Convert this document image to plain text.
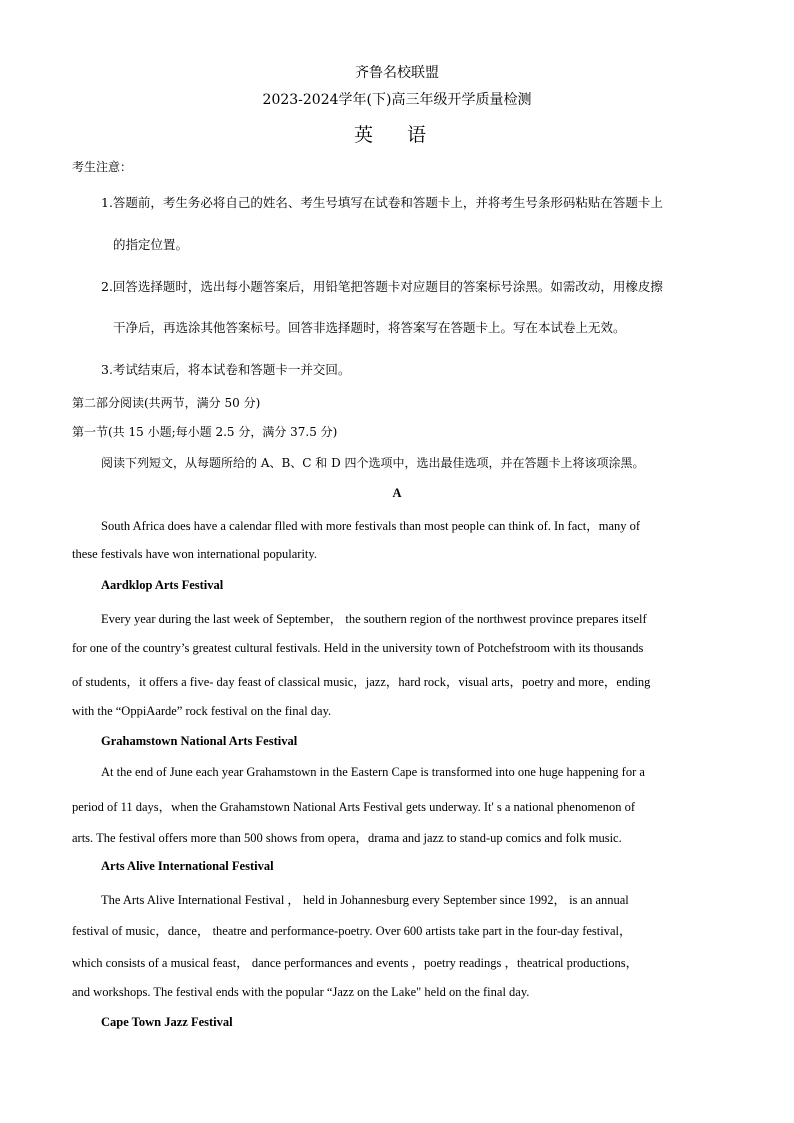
齐鲁名校联盟
2023-2024学年(下)高三年级开学质量检测
英 语
考生注意：
1.答题前，考生务必将自己的姓名、考生号填写在试卷和答题卡上，并将考生号条形码粘贴在答题卡上
的指定位置。
2.回答选择题时，选出每小题答案后，用铅笔把答题卡对应题目的答案标号涂黑。如需改动，用橡皮擦
干净后，再选涂其他答案标号。回答非选择题时，将答案写在答题卡上。写在本试卷上无效。
3.考试结束后，将本试卷和答题卡一并交回。
第二部分阅读(共两节，满分 50 分)
第一节(共 15 小题;每小题 2.5 分，满分 37.5 分)
阅读下列短文，从每题所给的 A、B、C 和 D 四个选项中，选出最佳选项，并在答题卡上将该项涂黑。
A
South Africa does have a calendar flled with more festivals than most people can think of. In fact，many of
these festivals have won international popularity.
Aardklop Arts Festival
Every year during the last week of September， the southern region of the northwest province prepares itself
for one of the country’s greatest cultural festivals. Held in the university town of Potchefstroom with its thousands
of students，it offers a five- day feast of classical music，jazz，hard rock，visual arts，poetry and more，ending
with the “OppiAarde” rock festival on the final day.
Grahamstown National Arts Festival
At the end of June each year Grahamstown in the Eastern Cape is transformed into one huge happening for a
period of 11 days，when the Grahamstown National Arts Festival gets underway. It' s a national phenomenon of
arts. The festival offers more than 500 shows from opera，drama and jazz to stand-up comics and folk music.
Arts Alive International Festival
The Arts Alive International Festival ， held in Johannesburg every September since 1992， is an annual
festival of music，dance， theatre and performance-poetry. Over 600 artists take part in the four-day festival，
which consists of a musical feast， dance performances and events ，poetry readings ，theatrical productions，
and workshops. The festival ends with the popular “Jazz on the Lake" held on the final day.
Cape Town Jazz Festival
